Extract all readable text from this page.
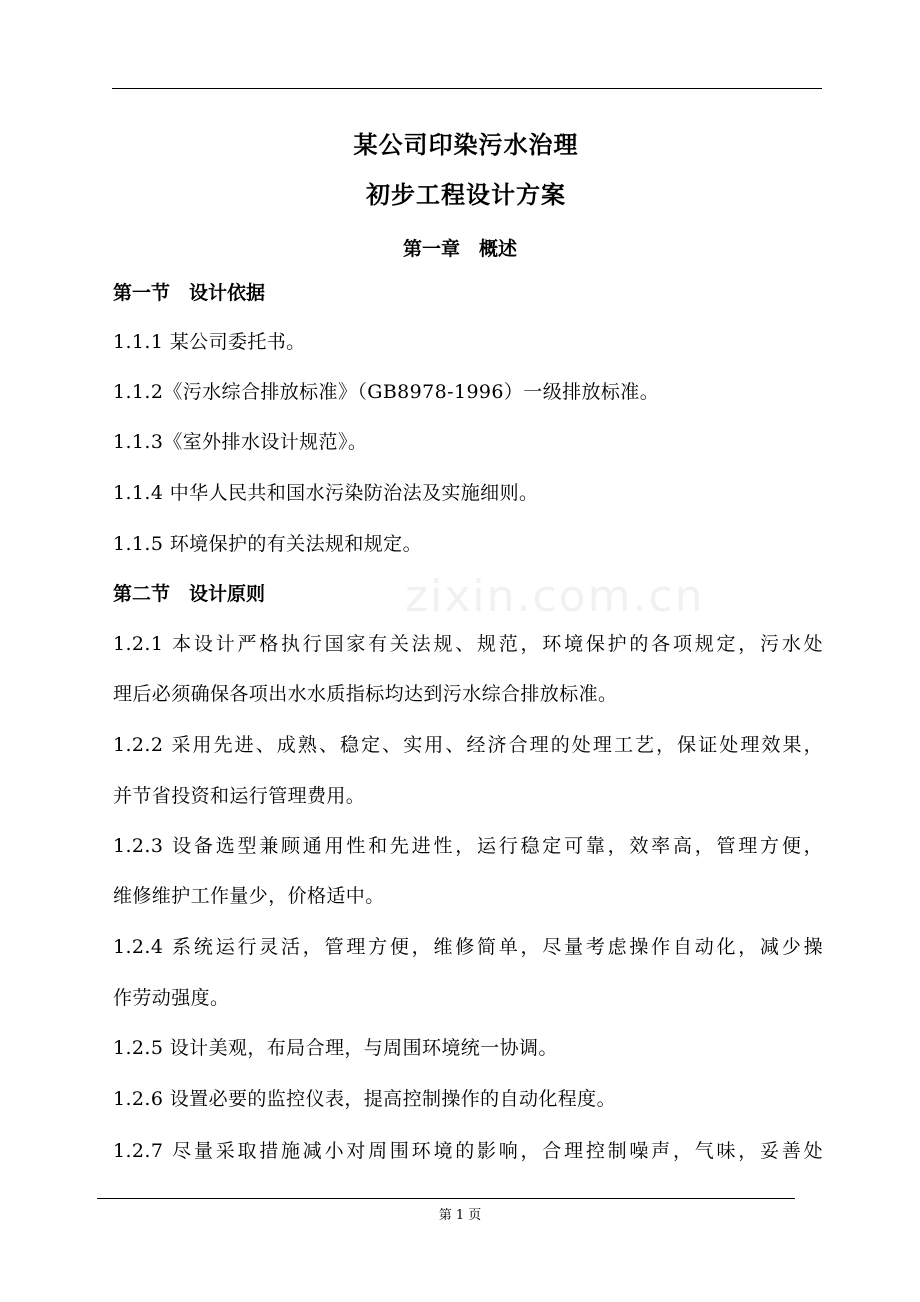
zixin.com.cn
某公司印染污水治理
初步工程设计方案
第一章　概述
第一节　设计依据
1.1.1 某公司委托书。
1.1.2《污水综合排放标准》（GB8978-1996）一级排放标准。
1.1.3《室外排水设计规范》。
1.1.4 中华人民共和国水污染防治法及实施细则。
1.1.5 环境保护的有关法规和规定。
第二节　设计原则
1.2.1 本设计严格执行国家有关法规、规范，环境保护的各项规定，污水处
理后必须确保各项出水水质指标均达到污水综合排放标准。
1.2.2 采用先进、成熟、稳定、实用、经济合理的处理工艺，保证处理效果，
并节省投资和运行管理费用。
1.2.3 设备选型兼顾通用性和先进性，运行稳定可靠，效率高，管理方便，
维修维护工作量少，价格适中。
1.2.4 系统运行灵活，管理方便，维修简单，尽量考虑操作自动化，减少操
作劳动强度。
1.2.5 设计美观，布局合理，与周围环境统一协调。
1.2.6 设置必要的监控仪表，提高控制操作的自动化程度。
1.2.7 尽量采取措施减小对周围环境的影响，合理控制噪声，气味，妥善处
第 1 页
